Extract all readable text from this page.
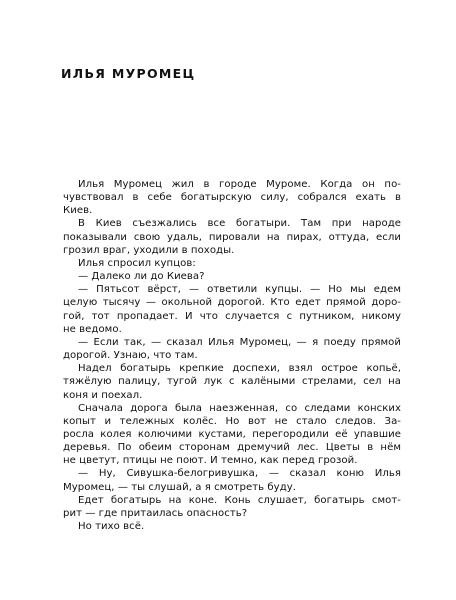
ИЛЬЯ МУРОМЕЦ

Илья Муромец жил в городе Муроме. Когда он по-
чувствовал в себе богатырскую силу, собрался ехать в
Киев.

В Киев съезжались все богатыри. Там при народе
показывали свою удаль, пировали на пирах, оттуда, если
грозил враг, уходили в походы.

Илья спросил купцов:

— Далеко ли до Киева?

— Пятьсот вёрст, — ответили купцы. — Но мы едем
целую тысячу — окольной дорогой. Кто едет прямой доро-
гой, тот пропадает. И что случается с путником, никому
не ведомо.

— Если так, — сказал Илья Муромец, — я поеду прямой
дорогой. Узнаю, что там.

Надел богатырь крепкие доспехи, взял острое копьё,
тяжёлую палицу, тугой лук с калёными стрелами, сел на
коня и поехал.

Сначала дорога была наезженная, со следами конских
копыт и тележных колёс. Но вот не стало следов. За-
росла колея колючими кустами, перегородили её упавшие
деревья. По обеим сторонам дремучий лес. Цветы в нём
не цветут, птицы не поют. И темно, как перед грозой.

— Ну, Сивушка-белогривушка, — сказал коню Илья
Муромец, — ты слушай, а я смотреть буду.

Едет богатырь на коне. Конь слушает, богатырь смот-
рит — где притаилась опасность?

Но тихо всё.
